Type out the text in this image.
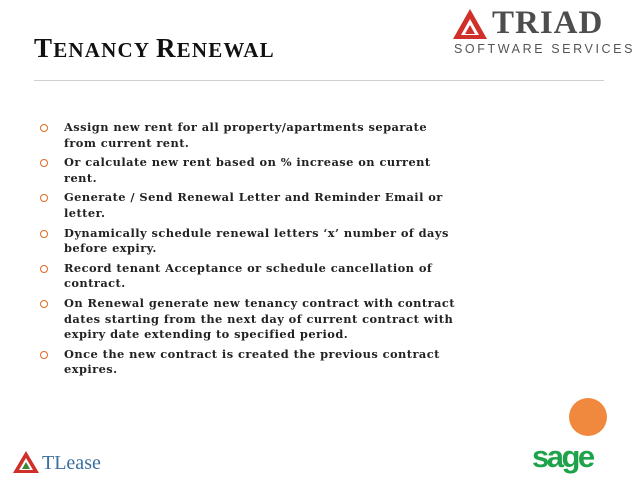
TENANCY RENEWAL
TRIAD
SOFTWARE SERVICES
Assign new rent for all property/apartments separate from current rent.
Or calculate new rent based on % increase on current rent.
Generate / Send Renewal Letter and Reminder Email or letter.
Dynamically schedule renewal letters ‘x’ number of days before expiry.
Record tenant Acceptance or schedule cancellation of contract.
On Renewal generate new tenancy contract with contract dates starting from the next day of current contract with expiry date extending to specified period.
Once the new contract is created the previous contract expires.
TLease	sage
